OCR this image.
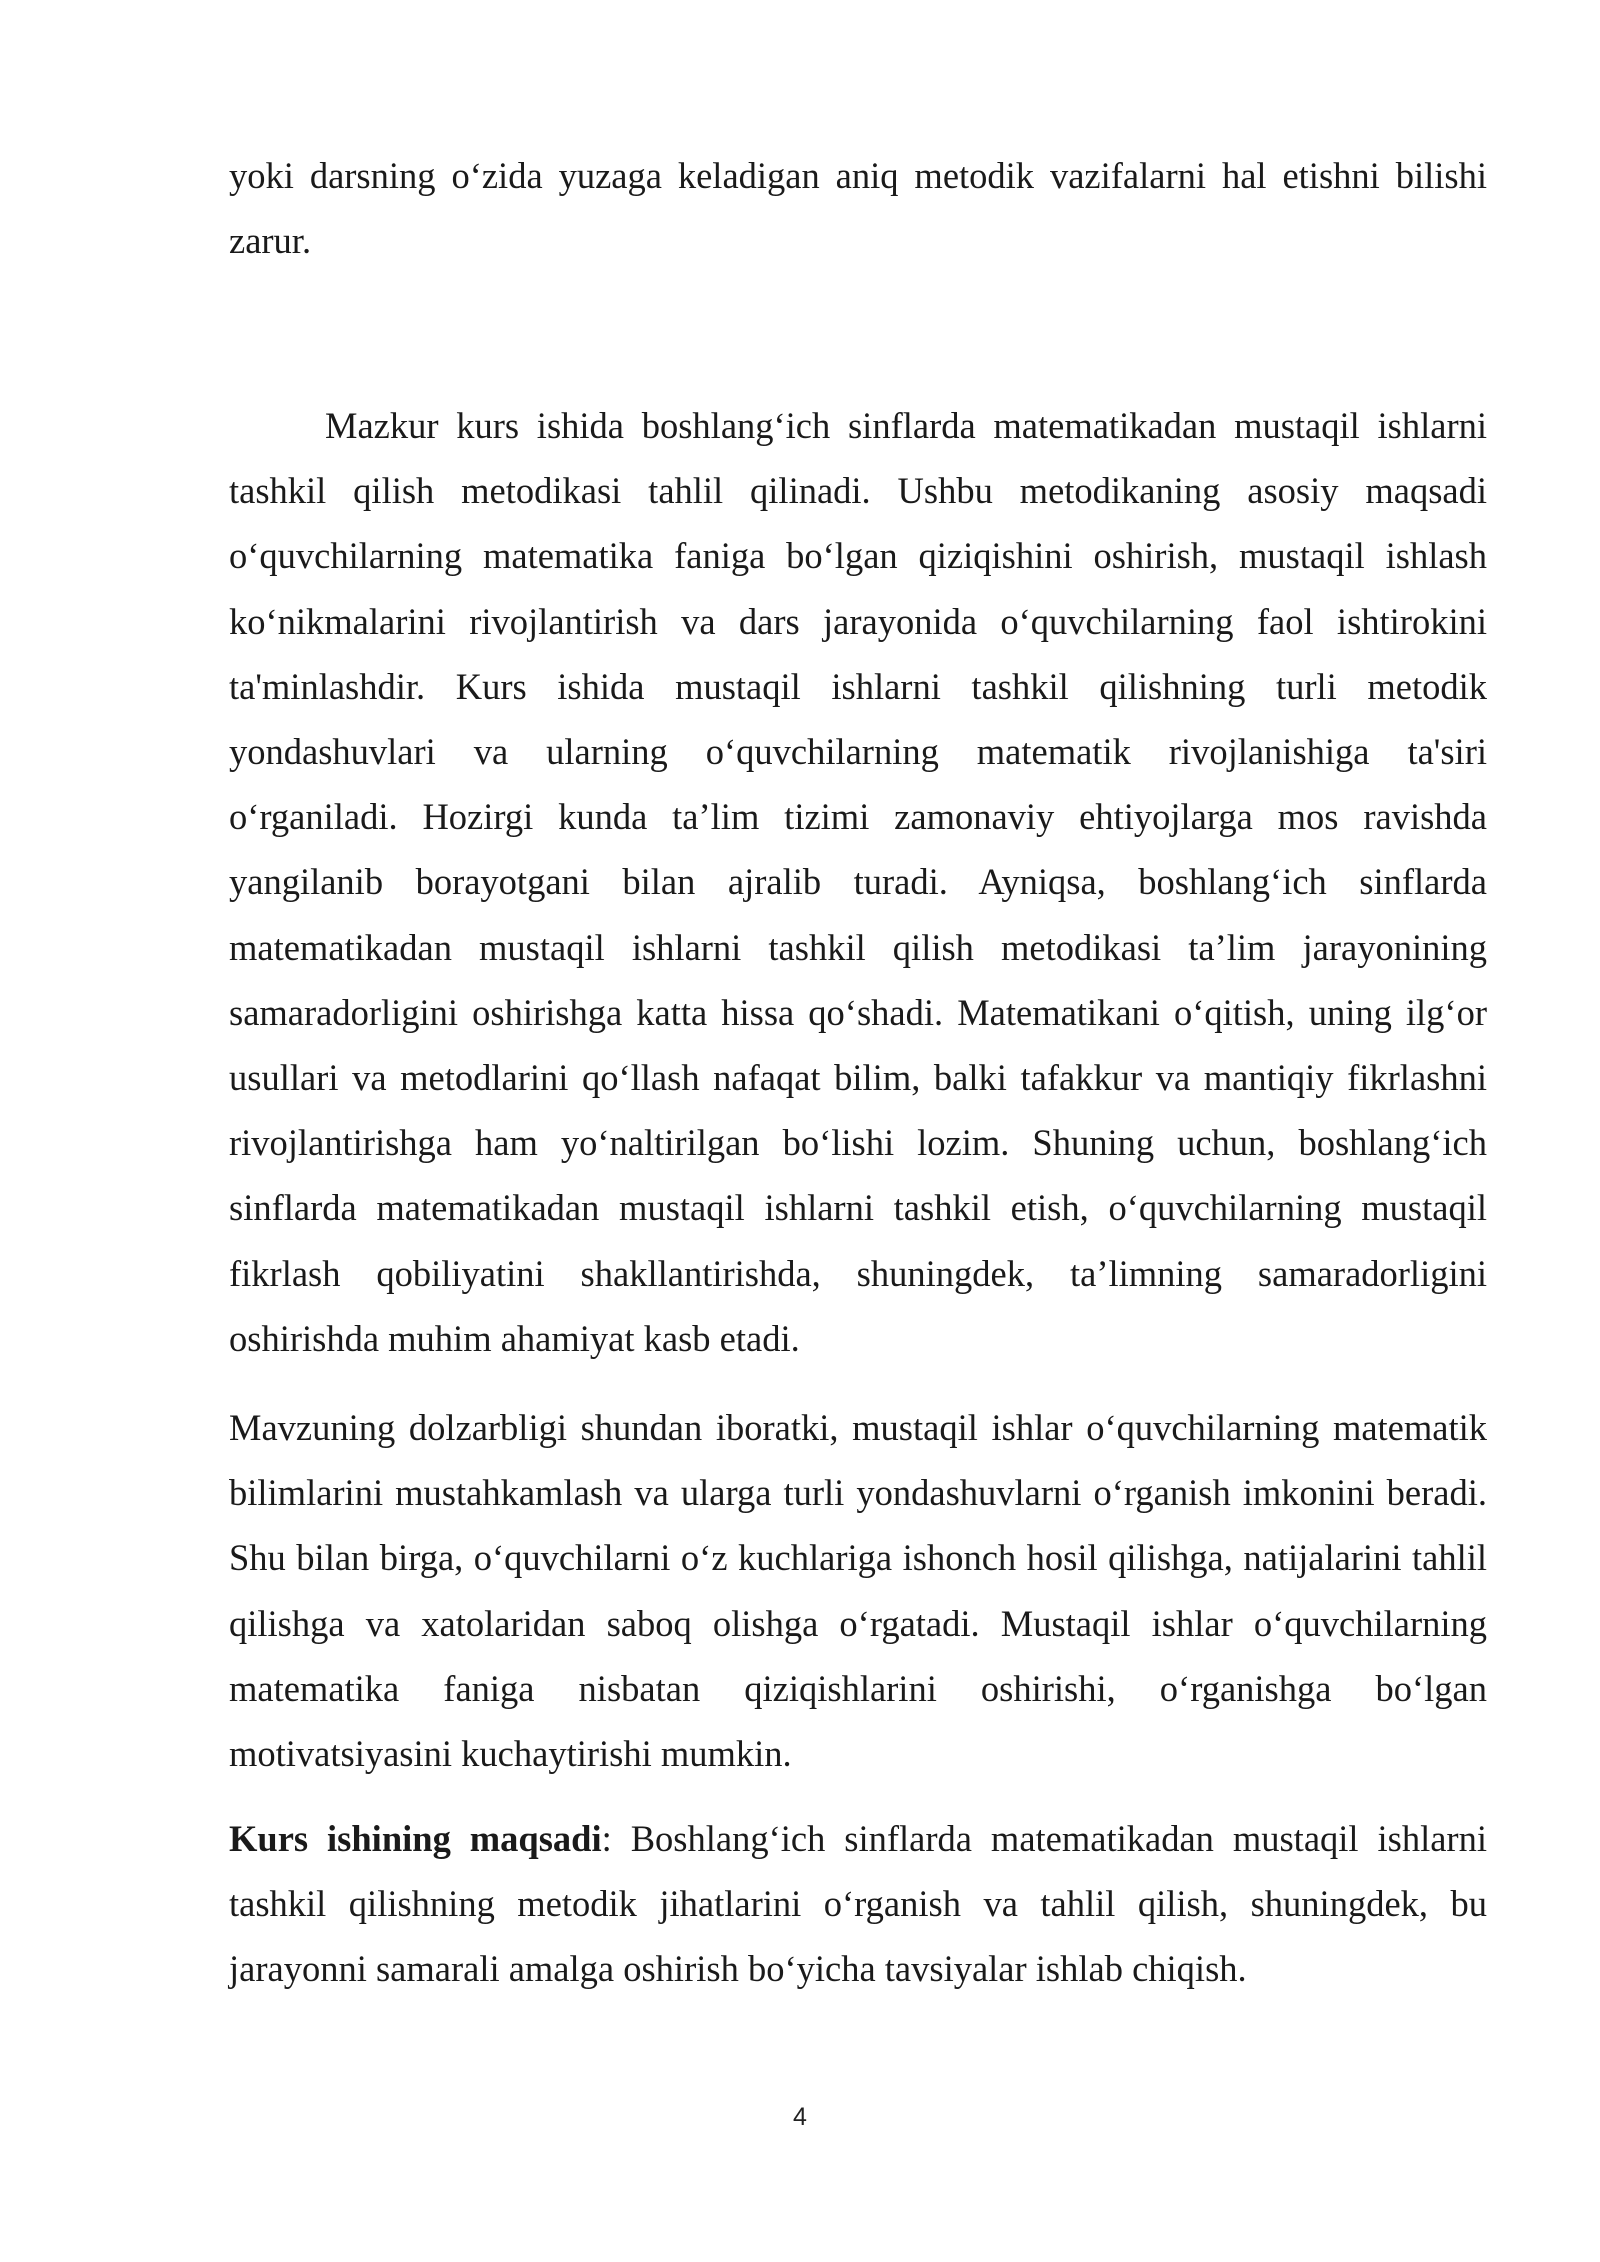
yoki darsning o‘zida yuzaga keladigan aniq metodik vazifalarni hal etishni bilishi zarur.

Mazkur kurs ishida boshlang‘ich sinflarda matematikadan mustaqil ishlarni tashkil qilish metodikasi tahlil qilinadi. Ushbu metodikaning asosiy maqsadi o‘quvchilarning matematika faniga bo‘lgan qiziqishini oshirish, mustaqil ishlash ko‘nikmalarini rivojlantirish va dars jarayonida o‘quvchilarning faol ishtirokini ta'minlashdir. Kurs ishida mustaqil ishlarni tashkil qilishning turli metodik yondashuvlari va ularning o‘quvchilarning matematik rivojlanishiga ta'siri o‘rganiladi. Hozirgi kunda ta’lim tizimi zamonaviy ehtiyojlarga mos ravishda yangilanib borayotgani bilan ajralib turadi. Ayniqsa, boshlang‘ich sinflarda matematikadan mustaqil ishlarni tashkil qilish metodikasi ta’lim jarayonining samaradorligini oshirishga katta hissa qo‘shadi. Matematikani o‘qitish, uning ilg‘or usullari va metodlarini qo‘llash nafaqat bilim, balki tafakkur va mantiqiy fikrlashni rivojlantirishga ham yo‘naltirilgan bo‘lishi lozim. Shuning uchun, boshlang‘ich sinflarda matematikadan mustaqil ishlarni tashkil etish, o‘quvchilarning mustaqil fikrlash qobiliyatini shakllantirishda, shuningdek, ta’limning samaradorligini oshirishda muhim ahamiyat kasb etadi.

Mavzuning dolzarbligi shundan iboratki, mustaqil ishlar o‘quvchilarning matematik bilimlarini mustahkamlash va ularga turli yondashuvlarni o‘rganish imkonini beradi. Shu bilan birga, o‘quvchilarni o‘z kuchlariga ishonch hosil qilishga, natijalarini tahlil qilishga va xatolaridan saboq olishga o‘rgatadi. Mustaqil ishlar o‘quvchilarning matematika faniga nisbatan qiziqishlarini oshirishi, o‘rganishga bo‘lgan motivatsiyasini kuchaytirishi mumkin.

Kurs ishining maqsadi: Boshlang‘ich sinflarda matematikadan mustaqil ishlarni tashkil qilishning metodik jihatlarini o‘rganish va tahlil qilish, shuningdek, bu jarayonni samarali amalga oshirish bo‘yicha tavsiyalar ishlab chiqish.

4
